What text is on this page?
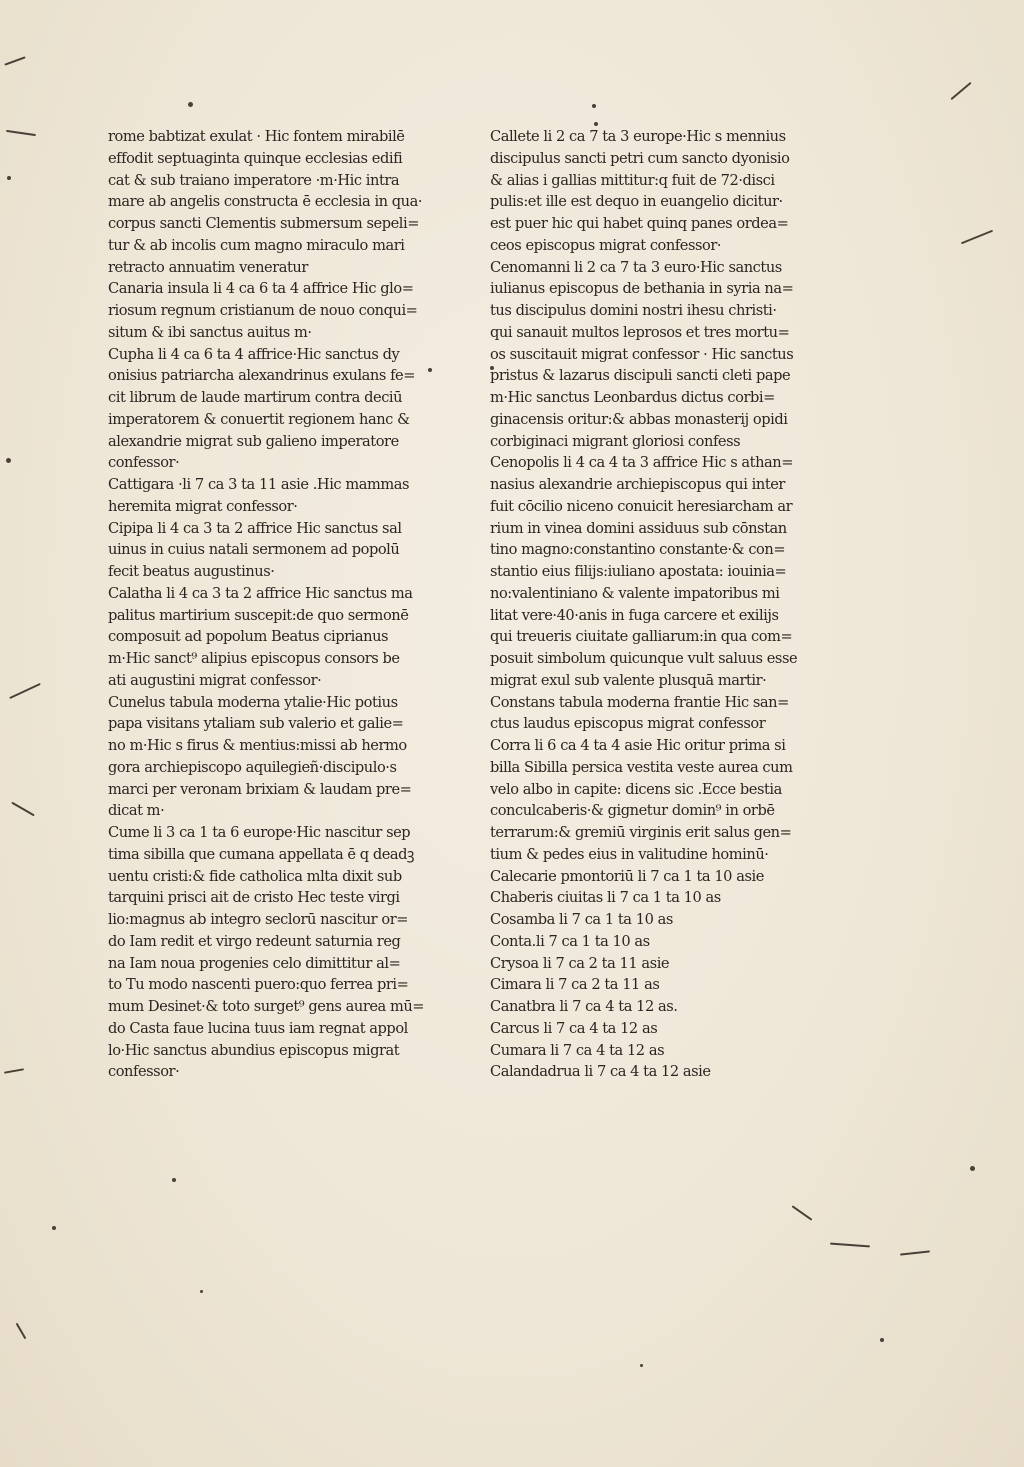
rome babtizat exulat · Hic fontem mirabilē
effodit septuaginta quinque ecclesias edifi
cat & sub traiano imperatore ·m·Hic intra
mare ab angelis constructa ē ecclesia in qua·
corpus sancti Clementis submersum sepeli=
tur & ab incolis cum magno miraculo mari
retracto annuatim veneratur
Canaria insula li 4 ca 6 ta 4 affrice Hic glo=
riosum regnum cristianum de nouo conqui=
situm & ibi sanctus auitus m·
Cupha li 4 ca 6 ta 4 affrice·Hic sanctus dy
onisius patriarcha alexandrinus exulans fe=
cit librum de laude martirum contra deciū
imperatorem & conuertit regionem hanc &
alexandrie migrat sub galieno imperatore
confessor·
Cattigara ·li 7 ca 3 ta 11 asie .Hic mammas
heremita migrat confessor·
Cipipa li 4 ca 3 ta 2 affrice Hic sanctus sal
uinus in cuius natali sermonem ad popolū
fecit beatus augustinus·
Calatha li 4 ca 3 ta 2 affrice Hic sanctus ma
palitus martirium suscepit:de quo sermonē
composuit ad popolum Beatus ciprianus
m·Hic sanct⁹ alipius episcopus consors be
ati augustini migrat confessor·
Cunelus tabula moderna ytalie·Hic potius
papa visitans ytaliam sub valerio et galie=
no m·Hic s firus & mentius:missi ab hermo
gora archiepiscopo aquilegieñ·discipulo·s
marci per veronam brixiam & laudam pre=
dicat m·
Cume li 3 ca 1 ta 6 europe·Hic nascitur sep
tima sibilla que cumana appellata ē q deadꝫ
uentu cristi:& fide catholica mlta dixit sub
tarquini prisci ait de cristo Hec teste virgi
lio:magnus ab integro seclorū nascitur or=
do Iam redit et virgo redeunt saturnia reg
na Iam noua progenies celo dimittitur al=
to Tu modo nascenti puero:quo ferrea pri=
mum Desinet·& toto surget⁹ gens aurea mū=
do Casta faue lucina tuus iam regnat appol
lo·Hic sanctus abundius episcopus migrat
confessor·
Callete li 2 ca 7 ta 3 europe·Hic s mennius
discipulus sancti petri cum sancto dyonisio
& alias i gallias mittitur:q fuit de 72·disci
pulis:et ille est dequo in euangelio dicitur·
est puer hic qui habet quinq panes ordea=
ceos episcopus migrat confessor·
Cenomanni li 2 ca 7 ta 3 euro·Hic sanctus
iulianus episcopus de bethania in syria na=
tus discipulus domini nostri ihesu christi·
qui sanauit multos leprosos et tres mortu=
os suscitauit migrat confessor · Hic sanctus
pristus & lazarus discipuli sancti cleti pape
m·Hic sanctus Leonbardus dictus corbi=
ginacensis oritur:& abbas monasterij opidi
corbiginaci migrant gloriosi confess
Cenopolis li 4 ca 4 ta 3 affrice Hic s athan=
nasius alexandrie archiepiscopus qui inter
fuit cōcilio niceno conuicit heresiarcham ar
rium in vinea domini assiduus sub cōnstan
tino magno:constantino constante·& con=
stantio eius filijs:iuliano apostata: iouinia=
no:valentiniano & valente impatoribus mi
litat vere·40·anis in fuga carcere et exilijs
qui treueris ciuitate galliarum:in qua com=
posuit simbolum quicunque vult saluus esse
migrat exul sub valente plusquā martir·
Constans tabula moderna frantie Hic san=
ctus laudus episcopus migrat confessor
Corra li 6 ca 4 ta 4 asie Hic oritur prima si
billa Sibilla persica vestita veste aurea cum
velo albo in capite: dicens sic .Ecce bestia
conculcaberis·& gignetur domin⁹ in orbē
terrarum:& gremiū virginis erit salus gen=
tium & pedes eius in valitudine hominū·
Calecarie pmontoriū li 7 ca 1 ta 10 asie
Chaberis ciuitas li 7 ca 1 ta 10 as
Cosamba li 7 ca 1 ta 10 as
Conta.li 7 ca 1 ta 10 as
Crysoa li 7 ca 2 ta 11 asie
Cimara li 7 ca 2 ta 11 as
Canatbra li 7 ca 4 ta 12 as.
Carcus li 7 ca 4 ta 12 as
Cumara li 7 ca 4 ta 12 as
Calandadrua li 7 ca 4 ta 12 asie
